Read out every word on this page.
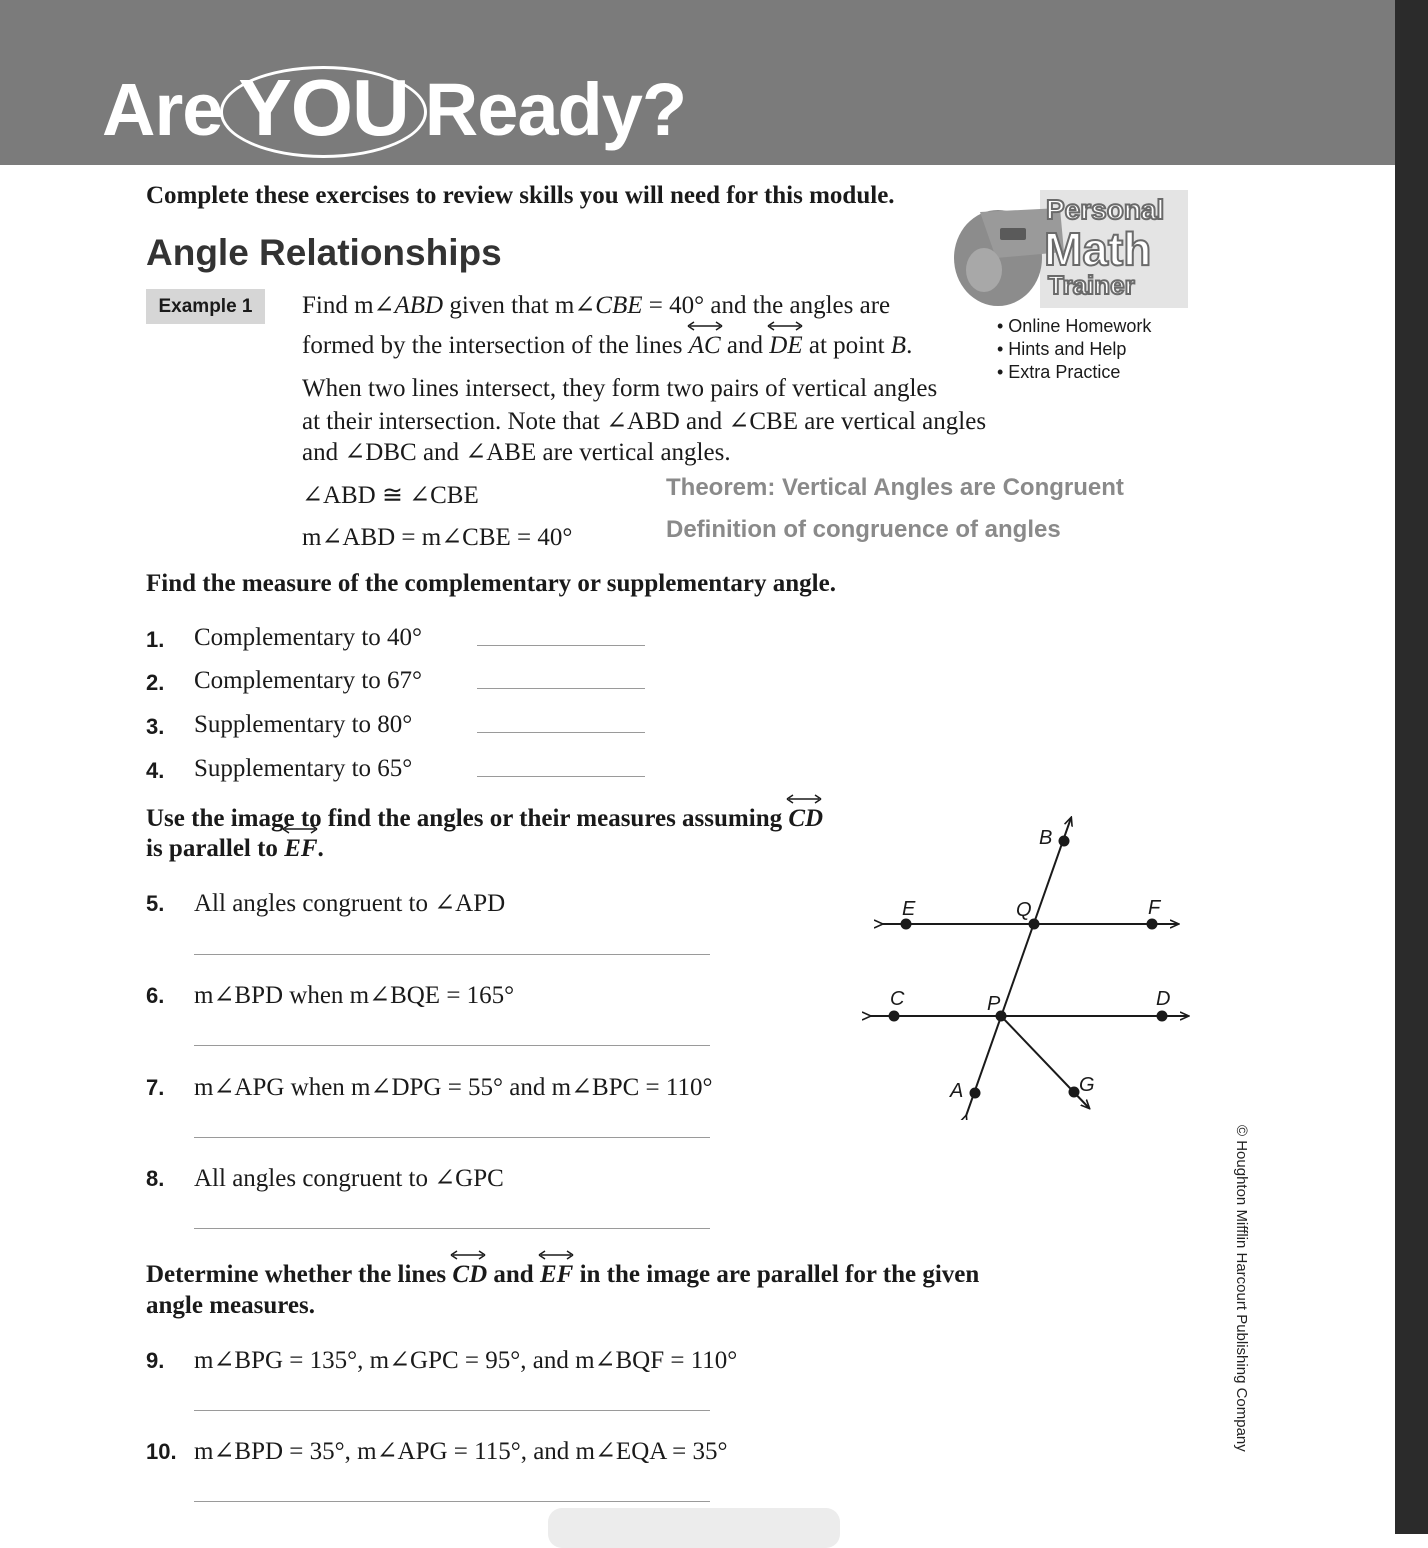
Are YOU Ready?
Complete these exercises to review skills you will need for this module.
Angle Relationships
Personal
Math
Trainer
• Online Homework
• Hints and Help
• Extra Practice
Example 1	Find m∠ABD given that m∠CBE = 40° and the angles are
formed by the intersection of the lines
AC and
DE at point B.
When two lines intersect, they form two pairs of vertical angles
at their intersection. Note that ∠ABD and ∠CBE are vertical angles
and ∠DBC and ∠ABE are vertical angles.
∠ABD ≅ ∠CBE	Theorem: Vertical Angles are Congruent
m∠ABD = m∠CBE = 40°	Definition of congruence of angles
Find the measure of the complementary or supplementary angle.
1. Complementary to 40°
2. Complementary to 67°
3. Supplementary to 80°
4. Supplementary to 65°
Use the image to find the angles or their measures assuming
CD
is parallel to
EF.
5. All angles congruent to ∠APD
6. m∠BPD when m∠BQE = 165°
7. m∠APG when m∠DPG = 55° and m∠BPC = 110°
8. All angles congruent to ∠GPC
B
E	Q	F
C	P	D
A	G
Determine whether the lines
CD and
EF in the image are parallel for the given
angle measures.
9. m∠BPG = 135°, m∠GPC = 95°, and m∠BQF = 110°
10. m∠BPD = 35°, m∠APG = 115°, and m∠EQA = 35°	© Houghton Mifflin Harcourt Publishing Company
